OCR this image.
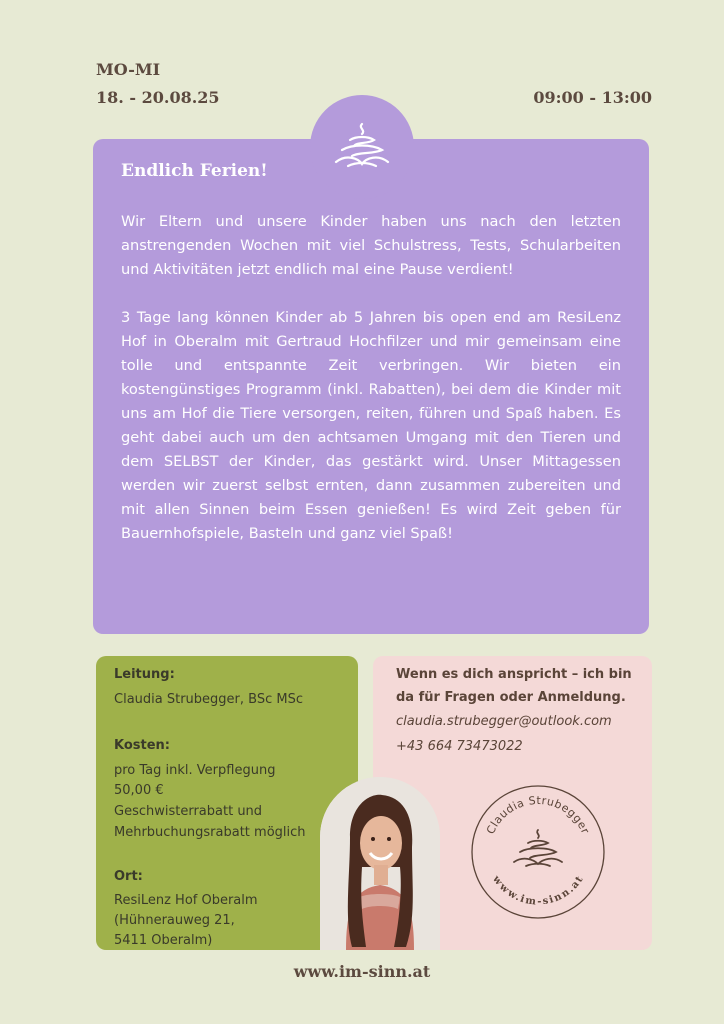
MO-MI
18. - 20.08.25	09:00 - 13:00
Endlich Ferien!

Wir Eltern und unsere Kinder haben uns nach den letzten anstrengenden Wochen mit viel Schulstress, Tests, Schularbeiten und Aktivitäten jetzt endlich mal eine Pause verdient!

3 Tage lang können Kinder ab 5 Jahren bis open end am ResiLenz Hof in Oberalm mit Gertraud Hochfilzer und mir gemeinsam eine tolle und entspannte Zeit verbringen. Wir bieten ein kostengünstiges Programm (inkl. Rabatten), bei dem die Kinder mit uns am Hof die Tiere versorgen, reiten, führen und Spaß haben. Es geht dabei auch um den achtsamen Umgang mit den Tieren und dem SELBST der Kinder, das gestärkt wird. Unser Mittagessen werden wir zuerst selbst ernten, dann zusammen zubereiten und mit allen Sinnen beim Essen genießen! Es wird Zeit geben für Bauernhofspiele, Basteln und ganz viel Spaß!

Leitung:
Claudia Strubegger, BSc MSc
Kosten:
pro Tag inkl. Verpflegung
50,00 €
Geschwisterrabatt und
Mehrbuchungsrabatt möglich
Ort:
ResiLenz Hof Oberalm
(Hühnerauweg 21,
5411 Oberalm)
Wenn es dich anspricht – ich bin da für Fragen oder Anmeldung.
claudia.strubegger@outlook.com
+43 664 73473022
Claudia Strubegger
www.im-sinn.at
www.im-sinn.at
